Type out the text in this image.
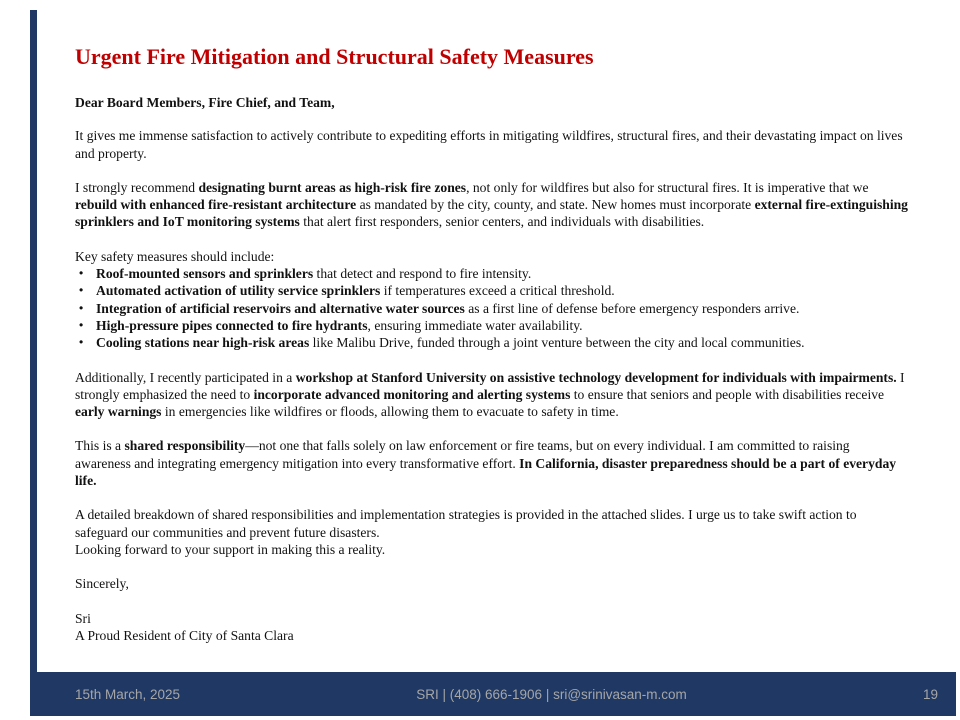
Urgent Fire Mitigation and Structural Safety Measures
Dear Board Members, Fire Chief, and Team,
It gives me immense satisfaction to actively contribute to expediting efforts in mitigating wildfires, structural fires, and their devastating impact on lives and property.
I strongly recommend designating burnt areas as high-risk fire zones, not only for wildfires but also for structural fires. It is imperative that we rebuild with enhanced fire-resistant architecture as mandated by the city, county, and state. New homes must incorporate external fire-extinguishing sprinklers and IoT monitoring systems that alert first responders, senior centers, and individuals with disabilities.
Key safety measures should include:
• Roof-mounted sensors and sprinklers that detect and respond to fire intensity.
• Automated activation of utility service sprinklers if temperatures exceed a critical threshold.
• Integration of artificial reservoirs and alternative water sources as a first line of defense before emergency responders arrive.
• High-pressure pipes connected to fire hydrants, ensuring immediate water availability.
• Cooling stations near high-risk areas like Malibu Drive, funded through a joint venture between the city and local communities.
Additionally, I recently participated in a workshop at Stanford University on assistive technology development for individuals with impairments. I strongly emphasized the need to incorporate advanced monitoring and alerting systems to ensure that seniors and people with disabilities receive early warnings in emergencies like wildfires or floods, allowing them to evacuate to safety in time.
This is a shared responsibility—not one that falls solely on law enforcement or fire teams, but on every individual. I am committed to raising awareness and integrating emergency mitigation into every transformative effort. In California, disaster preparedness should be a part of everyday life.
A detailed breakdown of shared responsibilities and implementation strategies is provided in the attached slides. I urge us to take swift action to safeguard our communities and prevent future disasters.
Looking forward to your support in making this a reality.
Sincerely,
Sri
A Proud Resident of City of Santa Clara
15th March, 2025	SRI | (408) 666-1906 | sri@srinivasan-m.com	19
